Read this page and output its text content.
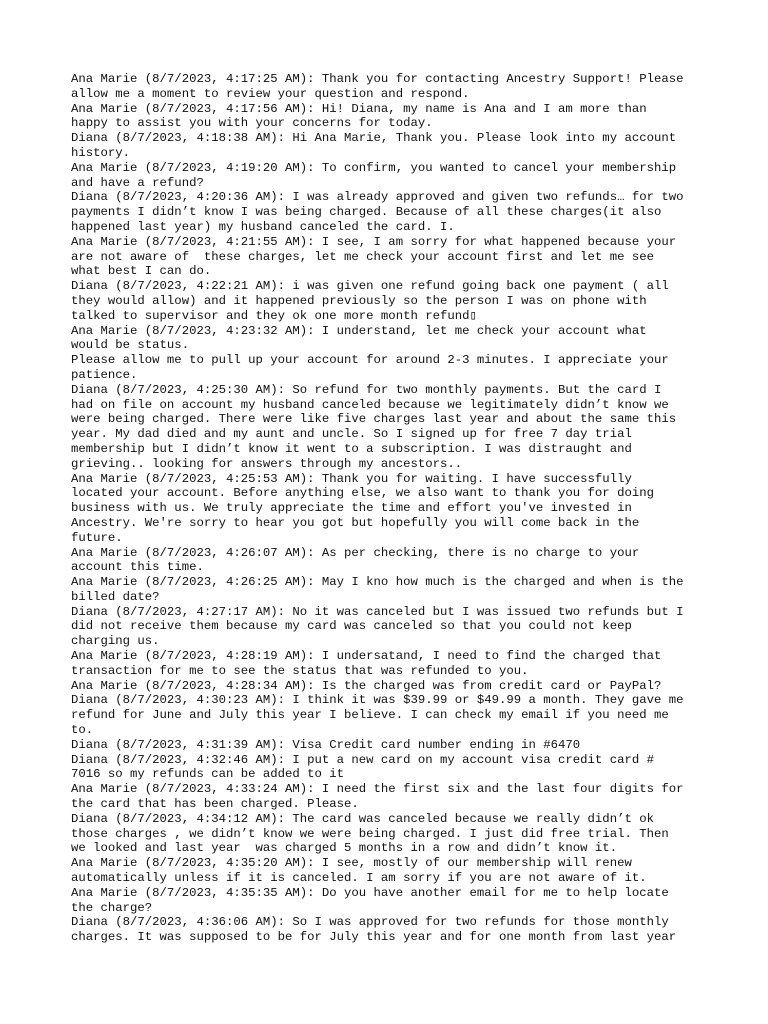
Ana Marie (8/7/2023, 4:17:25 AM): Thank you for contacting Ancestry Support! Please
allow me a moment to review your question and respond.
Ana Marie (8/7/2023, 4:17:56 AM): Hi! Diana, my name is Ana and I am more than
happy to assist you with your concerns for today.
Diana (8/7/2023, 4:18:38 AM): Hi Ana Marie, Thank you. Please look into my account
history.
Ana Marie (8/7/2023, 4:19:20 AM): To confirm, you wanted to cancel your membership
and have a refund?
Diana (8/7/2023, 4:20:36 AM): I was already approved and given two refunds… for two
payments I didn’t know I was being charged. Because of all these charges(it also
happened last year) my husband canceled the card. I.
Ana Marie (8/7/2023, 4:21:55 AM): I see, I am sorry for what happened because your
are not aware of  these charges, let me check your account first and let me see
what best I can do.
Diana (8/7/2023, 4:22:21 AM): i was given one refund going back one payment ( all
they would allow) and it happened previously so the person I was on phone with
talked to supervisor and they ok one more month refund▯
Ana Marie (8/7/2023, 4:23:32 AM): I understand, let me check your account what
would be status.
Please allow me to pull up your account for around 2-3 minutes. I appreciate your
patience.
Diana (8/7/2023, 4:25:30 AM): So refund for two monthly payments. But the card I
had on file on account my husband canceled because we legitimately didn’t know we
were being charged. There were like five charges last year and about the same this
year. My dad died and my aunt and uncle. So I signed up for free 7 day trial
membership but I didn’t know it went to a subscription. I was distraught and
grieving.. looking for answers through my ancestors..
Ana Marie (8/7/2023, 4:25:53 AM): Thank you for waiting. I have successfully
located your account. Before anything else, we also want to thank you for doing
business with us. We truly appreciate the time and effort you've invested in
Ancestry. We're sorry to hear you got but hopefully you will come back in the
future.
Ana Marie (8/7/2023, 4:26:07 AM): As per checking, there is no charge to your
account this time.
Ana Marie (8/7/2023, 4:26:25 AM): May I kno how much is the charged and when is the
billed date?
Diana (8/7/2023, 4:27:17 AM): No it was canceled but I was issued two refunds but I
did not receive them because my card was canceled so that you could not keep
charging us.
Ana Marie (8/7/2023, 4:28:19 AM): I undersatand, I need to find the charged that
transaction for me to see the status that was refunded to you.
Ana Marie (8/7/2023, 4:28:34 AM): Is the charged was from credit card or PayPal?
Diana (8/7/2023, 4:30:23 AM): I think it was $39.99 or $49.99 a month. They gave me
refund for June and July this year I believe. I can check my email if you need me
to.
Diana (8/7/2023, 4:31:39 AM): Visa Credit card number ending in #6470
Diana (8/7/2023, 4:32:46 AM): I put a new card on my account visa credit card #
7016 so my refunds can be added to it
Ana Marie (8/7/2023, 4:33:24 AM): I need the first six and the last four digits for
the card that has been charged. Please.
Diana (8/7/2023, 4:34:12 AM): The card was canceled because we really didn’t ok
those charges , we didn’t know we were being charged. I just did free trial. Then
we looked and last year  was charged 5 months in a row and didn’t know it.
Ana Marie (8/7/2023, 4:35:20 AM): I see, mostly of our membership will renew
automatically unless if it is canceled. I am sorry if you are not aware of it.
Ana Marie (8/7/2023, 4:35:35 AM): Do you have another email for me to help locate
the charge?
Diana (8/7/2023, 4:36:06 AM): So I was approved for two refunds for those monthly
charges. It was supposed to be for July this year and for one month from last year
